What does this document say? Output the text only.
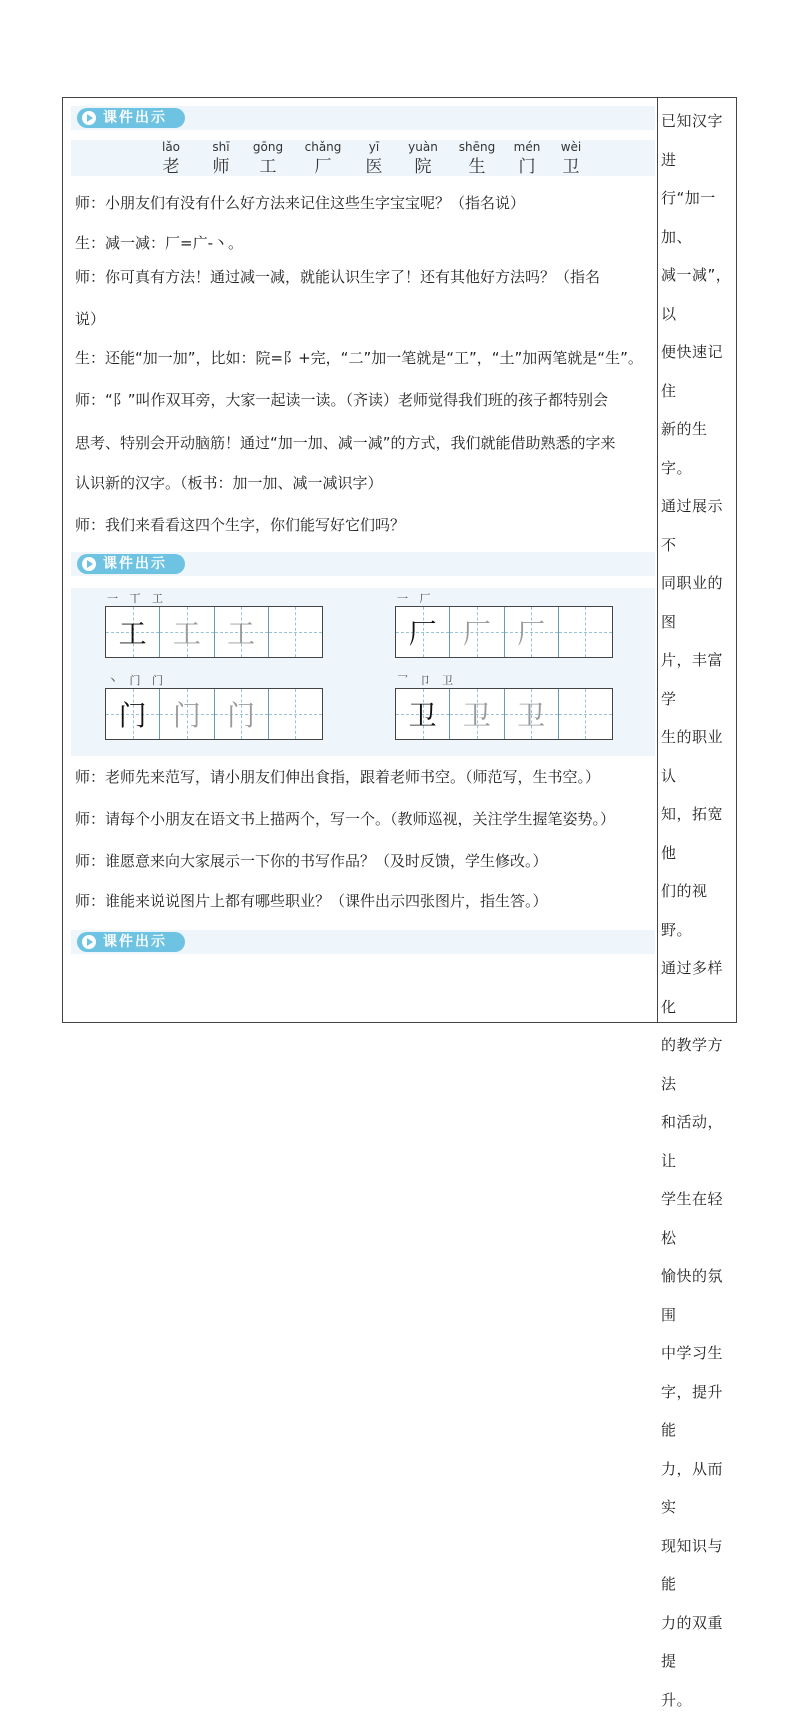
课件出示
lǎo
老
shī
师
gōng
工
chǎng
厂
yī
医
yuàn
院
shēng
生
mén
门
wèi
卫
师：小朋友们有没有什么好方法来记住这些生字宝宝呢？（指名说）
生：减一减：厂=广-丶。
师：你可真有方法！通过减一减，就能认识生字了！还有其他好方法吗？（指名
说）
生：还能“加一加”，比如：院=阝+完，“二”加一笔就是“工”，“土”加两笔就是“生”。
师：“阝”叫作双耳旁，大家一起读一读。（齐读）老师觉得我们班的孩子都特别会
思考、特别会开动脑筋！通过“加一加、减一减”的方式，我们就能借助熟悉的字来
认识新的汉字。（板书：加一加、减一减识字）
师：我们来看看这四个生字，你们能写好它们吗？
课件出示
一 丅 工
工 工 工
一 厂
厂 厂 厂
丶 门 门
门 门 门
乛 卩 卫
卫 卫 卫
师：老师先来范写，请小朋友们伸出食指，跟着老师书空。（师范写，生书空。）
师：请每个小朋友在语文书上描两个，写一个。（教师巡视，关注学生握笔姿势。）
师：谁愿意来向大家展示一下你的书写作品？（及时反馈，学生修改。）
师：谁能来说说图片上都有哪些职业？（课件出示四张图片，指生答。）
课件出示

已知汉字进

行“加一加、

减一减”，以

便快速记住

新的生字。

通过展示不

同职业的图

片，丰富学

生的职业认

知，拓宽他

们的视野。

通过多样化

的教学方法

和活动，让

学生在轻松

愉快的氛围

中学习生

字，提升能

力，从而实

现知识与能

力的双重提

升。
